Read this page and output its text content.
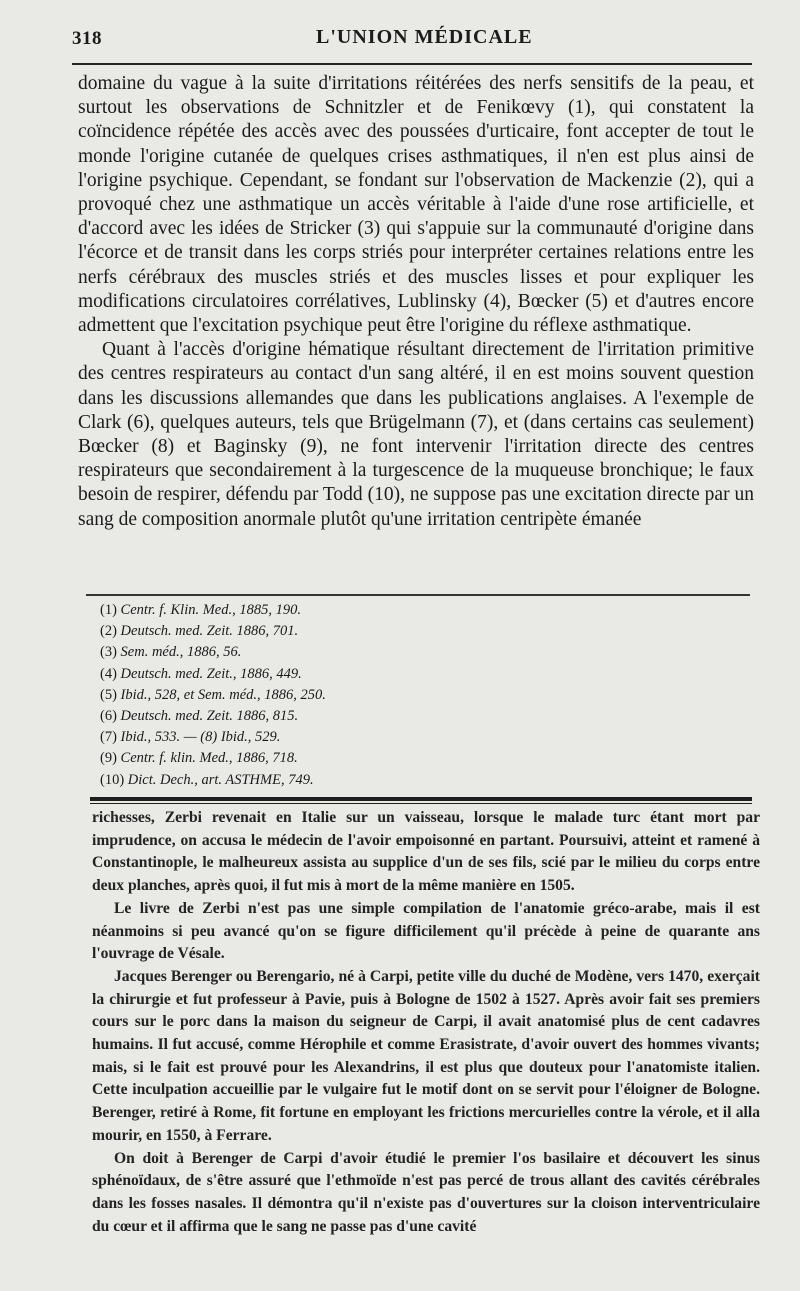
318	L'UNION MÉDICALE

domaine du vague à la suite d'irritations réitérées des nerfs sensitifs de la peau, et surtout les observations de Schnitzler et de Fenikœvy (1), qui constatent la coïncidence répétée des accès avec des poussées d'urticaire, font accepter de tout le monde l'origine cutanée de quelques crises asthmatiques, il n'en est plus ainsi de l'origine psychique. Cependant, se fondant sur l'observation de Mackenzie (2), qui a provoqué chez une asthmatique un accès véritable à l'aide d'une rose artificielle, et d'accord avec les idées de Stricker (3) qui s'appuie sur la communauté d'origine dans l'écorce et de transit dans les corps striés pour interpréter certaines relations entre les nerfs cérébraux des muscles striés et des muscles lisses et pour expliquer les modifications circulatoires corrélatives, Lublinsky (4), Bœcker (5) et d'autres encore admettent que l'excitation psychique peut être l'origine du réflexe asthmatique.

Quant à l'accès d'origine hématique résultant directement de l'irritation primitive des centres respirateurs au contact d'un sang altéré, il en est moins souvent question dans les discussions allemandes que dans les publications anglaises. A l'exemple de Clark (6), quelques auteurs, tels que Brügelmann (7), et (dans certains cas seulement) Bœcker (8) et Baginsky (9), ne font intervenir l'irritation directe des centres respirateurs que secondairement à la turgescence de la muqueuse bronchique; le faux besoin de respirer, défendu par Todd (10), ne suppose pas une excitation directe par un sang de composition anormale plutôt qu'une irritation centripète émanée

(1) Centr. f. Klin. Med., 1885, 190.
(2) Deutsch. med. Zeit. 1886, 701.
(3) Sem. méd., 1886, 56.
(4) Deutsch. med. Zeit., 1886, 449.
(5) Ibid., 528, et Sem. méd., 1886, 250.
(6) Deutsch. med. Zeit. 1886, 815.
(7) Ibid., 533. — (8) Ibid., 529.
(9) Centr. f. klin. Med., 1886, 718.
(10) Dict. Dech., art. ASTHME, 749.

richesses, Zerbi revenait en Italie sur un vaisseau, lorsque le malade turc étant mort par imprudence, on accusa le médecin de l'avoir empoisonné en partant. Poursuivi, atteint et ramené à Constantinople, le malheureux assista au supplice d'un de ses fils, scié par le milieu du corps entre deux planches, après quoi, il fut mis à mort de la même manière en 1505.

Le livre de Zerbi n'est pas une simple compilation de l'anatomie gréco-arabe, mais il est néanmoins si peu avancé qu'on se figure difficilement qu'il précède à peine de quarante ans l'ouvrage de Vésale.

Jacques Berenger ou Berengario, né à Carpi, petite ville du duché de Modène, vers 1470, exerçait la chirurgie et fut professeur à Pavie, puis à Bologne de 1502 à 1527. Après avoir fait ses premiers cours sur le porc dans la maison du seigneur de Carpi, il avait anatomisé plus de cent cadavres humains. Il fut accusé, comme Hérophile et comme Erasistrate, d'avoir ouvert des hommes vivants; mais, si le fait est prouvé pour les Alexandrins, il est plus que douteux pour l'anatomiste italien. Cette inculpation accueillie par le vulgaire fut le motif dont on se servit pour l'éloigner de Bologne. Berenger, retiré à Rome, fit fortune en employant les frictions mercurielles contre la vérole, et il alla mourir, en 1550, à Ferrare.

On doit à Berenger de Carpi d'avoir étudié le premier l'os basilaire et découvert les sinus sphénoïdaux, de s'être assuré que l'ethmoïde n'est pas percé de trous allant des cavités cérébrales dans les fosses nasales. Il démontra qu'il n'existe pas d'ouvertures sur la cloison interventriculaire du cœur et il affirma que le sang ne passe pas d'une cavité
